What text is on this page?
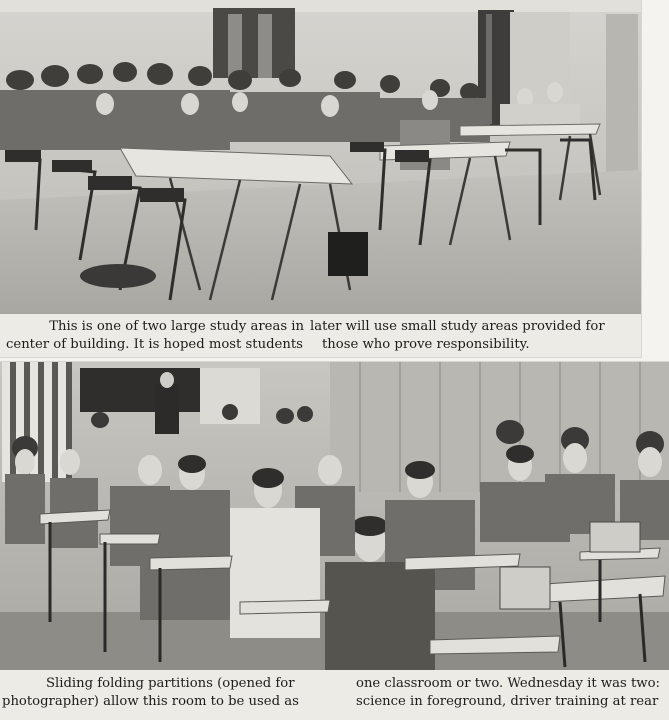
This is one of two large study areas in
center of building. It is hoped most students
later will use small study areas provided for
those who prove responsibility.
Sliding folding partitions (opened for
photographer) allow this room to be used as
one classroom or two. Wednesday it was two:
science in foreground, driver training at rear
